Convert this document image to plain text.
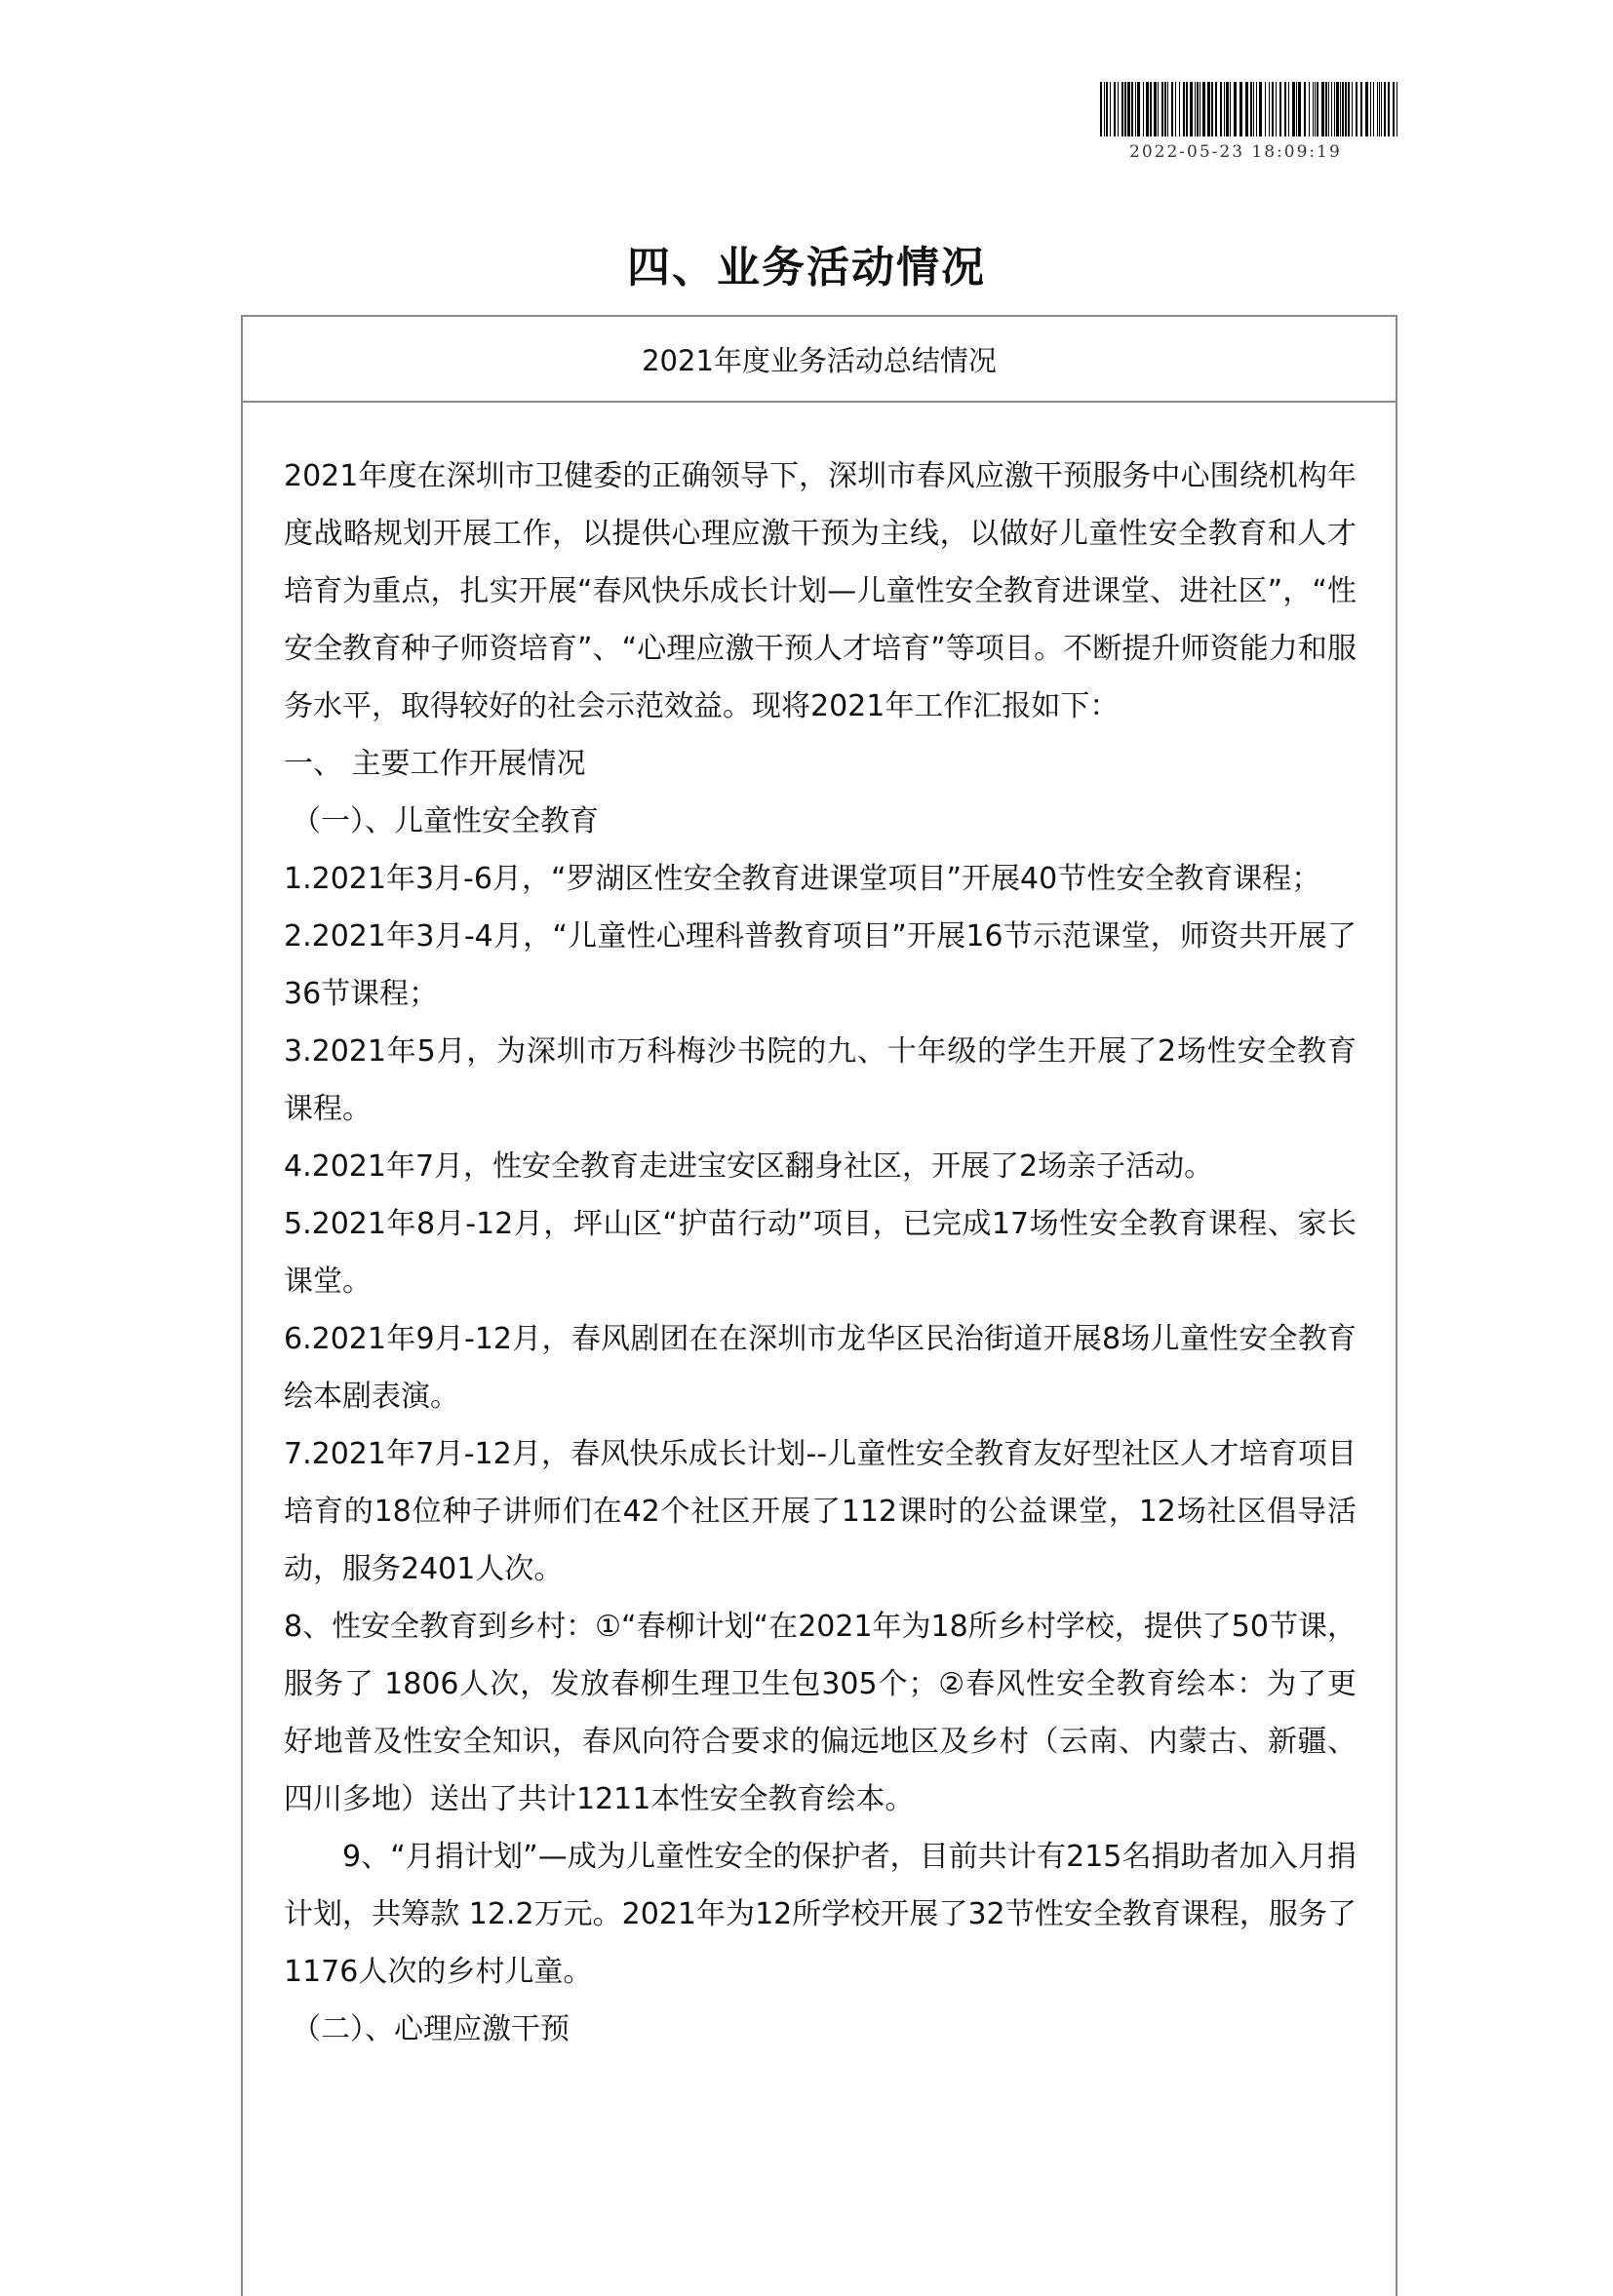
2022-05-23 18:09:19
四、业务活动情况
2021年度业务活动总结情况

2021年度在深圳市卫健委的正确领导下，深圳市春风应激干预服务中心围绕机构年度战略规划开展工作，以提供心理应激干预为主线，以做好儿童性安全教育和人才培育为重点，扎实开展“春风快乐成长计划—儿童性安全教育进课堂、进社区”，“性安全教育种子师资培育”、“心理应激干预人才培育”等项目。不断提升师资能力和服务水平，取得较好的社会示范效益。现将2021年工作汇报如下：

一、 主要工作开展情况

（一）、儿童性安全教育

1.2021年3月-6月，“罗湖区性安全教育进课堂项目”开展40节性安全教育课程；

2.2021年3月-4月，“儿童性心理科普教育项目”开展16节示范课堂，师资共开展了36节课程；

3.2021年5月，为深圳市万科梅沙书院的九、十年级的学生开展了2场性安全教育课程。

4.2021年7月，性安全教育走进宝安区翻身社区，开展了2场亲子活动。

5.2021年8月-12月，坪山区“护苗行动”项目，已完成17场性安全教育课程、家长课堂。

6.2021年9月-12月，春风剧团在在深圳市龙华区民治街道开展8场儿童性安全教育绘本剧表演。

7.2021年7月-12月，春风快乐成长计划--儿童性安全教育友好型社区人才培育项目培育的18位种子讲师们在42个社区开展了112课时的公益课堂，12场社区倡导活动，服务2401人次。

8、性安全教育到乡村：①“春柳计划“在2021年为18所乡村学校，提供了50节课，服务了 1806人次，发放春柳生理卫生包305个；②春风性安全教育绘本：为了更好地普及性安全知识，春风向符合要求的偏远地区及乡村（云南、内蒙古、新疆、四川多地）送出了共计1211本性安全教育绘本。

9、“月捐计划”—成为儿童性安全的保护者，目前共计有215名捐助者加入月捐计划，共筹款 12.2万元。2021年为12所学校开展了32节性安全教育课程，服务了1176人次的乡村儿童。

（二）、心理应激干预
